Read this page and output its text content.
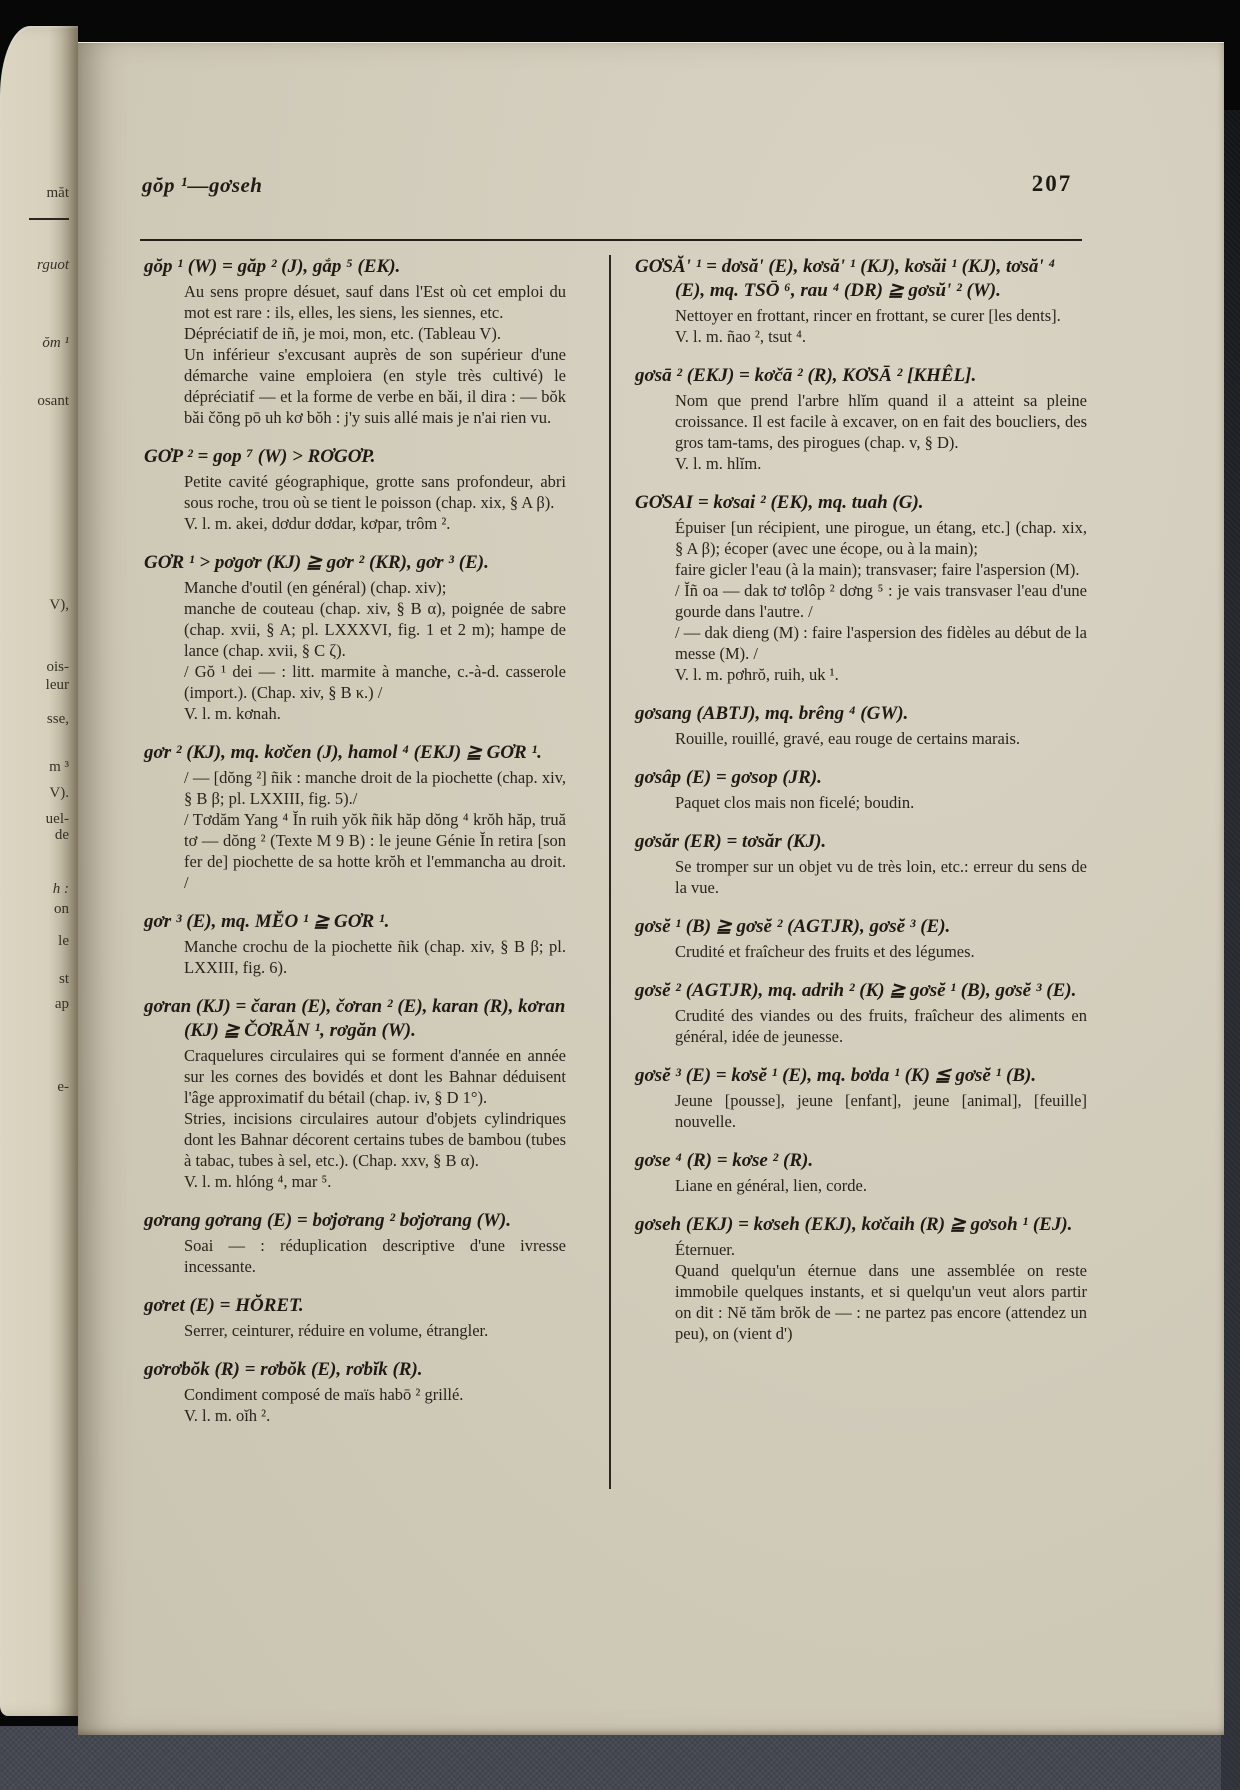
măt
rguot
ŏm ¹
osant
V),
ois-
leur
sse,
m ³
V).
uel-
de
h :
on
le
st
ap
e-
gŏp ¹—gơseh	207

gŏp ¹ (W) = găp ² (J), gắp ⁵ (EK).

Au sens propre désuet, sauf dans l'Est où cet emploi du mot est rare : ils, elles, les siens, les siennes, etc.

Dépréciatif de iñ, je moi, mon, etc. (Tableau V).

Un inférieur s'excusant auprès de son supérieur d'une démarche vaine emploiera (en style très cultivé) le dépréciatif — et la forme de verbe en bǎi, il dira : — bŏk bǎi čŏng pō uh kơ bŏh : j'y suis allé mais je n'ai rien vu.

GƠP ² = gop ⁷ (W) > RƠGƠP.

Petite cavité géographique, grotte sans profondeur, abri sous roche, trou où se tient le poisson (chap. xix, § A β).

V. l. m. akei, dơdur dơdar, kơpar, trôm ².

GƠR ¹ > pơgơr (KJ) ≧ gơr ² (KR), gơr ³ (E).

Manche d'outil (en général) (chap. xiv);

manche de couteau (chap. xiv, § B α), poignée de sabre (chap. xvii, § A; pl. LXXXVI, fig. 1 et 2 m); hampe de lance (chap. xvii, § C ζ).

/ Gŏ ¹ dei — : litt. marmite à manche, c.-à-d. casserole (import.). (Chap. xiv, § B κ.) /

V. l. m. kơnah.

gơr ² (KJ), mq. kơčen (J), hamol ⁴ (EKJ) ≧ GƠR ¹.

/ — [dŏng ²] ñik : manche droit de la piochette (chap. xiv, § B β; pl. LXXIII, fig. 5)./

/ Tơdăm Yang ⁴ Ĭn ruih yŏk ñik hăp dŏng ⁴ krŏh hăp, truă tơ — dŏng ² (Texte M 9 B) : le jeune Génie Ĭn retira [son fer de] piochette de sa hotte krŏh et l'emmancha au droit. /

gơr ³ (E), mq. MĔO ¹ ≧ GƠR ¹.

Manche crochu de la piochette ñik (chap. xiv, § B β; pl. LXXIII, fig. 6).

gơran (KJ) = čaran (E), čơran ² (E), karan (R), kơran (KJ) ≧ ČƠRĂN ¹, rơgăn (W).

Craquelures circulaires qui se forment d'année en année sur les cornes des bovidés et dont les Bahnar déduisent l'âge approximatif du bétail (chap. iv, § D 1°).

Stries, incisions circulaires autour d'objets cylindriques dont les Bahnar décorent certains tubes de bambou (tubes à tabac, tubes à sel, etc.). (Chap. xxv, § B α).

V. l. m. hlóng ⁴, mar ⁵.

gơrang gơrang (E) = bơjơrang ² bơjơrang (W).

Soai — : réduplication descriptive d'une ivresse incessante.

gơret (E) = HŎRET.

Serrer, ceinturer, réduire en volume, étrangler.

gơrơbŏk (R) = rơbŏk (E), rơbĭk (R).

Condiment composé de maïs habō ² grillé.

V. l. m. oĭh ².

GƠSĂ' ¹ = dơsă' (E), kơsă' ¹ (KJ), kơsăi ¹ (KJ), tơsă' ⁴ (E), mq. TSŌ ⁶, rau ⁴ (DR) ≧ gơsŭ' ² (W).

Nettoyer en frottant, rincer en frottant, se curer [les dents].

V. l. m. ñao ², tsut ⁴.

gơsā ² (EKJ) = kơčā ² (R), KƠSĀ ² [KHÊL].

Nom que prend l'arbre hlĭm quand il a atteint sa pleine croissance. Il est facile à excaver, on en fait des boucliers, des gros tam-tams, des pirogues (chap. v, § D).

V. l. m. hlĭm.

GƠSAI = kơsai ² (EK), mq. tuah (G).

Épuiser [un récipient, une pirogue, un étang, etc.] (chap. xix, § A β); écoper (avec une écope, ou à la main);

faire gicler l'eau (à la main); transvaser; faire l'aspersion (M).

/ Ĭñ oa — dak tơ tơlôp ² dơng ⁵ : je vais transvaser l'eau d'une gourde dans l'autre. /

/ — dak dieng (M) : faire l'aspersion des fidèles au début de la messe (M). /

V. l. m. pơhrŏ, ruih, uk ¹.

gơsang (ABTJ), mq. brêng ⁴ (GW).

Rouille, rouillé, gravé, eau rouge de certains marais.

gơsâp (E) = gơsop (JR).

Paquet clos mais non ficelé; boudin.

gơsăr (ER) = tơsăr (KJ).

Se tromper sur un objet vu de très loin, etc.: erreur du sens de la vue.

gơsĕ ¹ (B) ≧ gơsĕ ² (AGTJR), gơsĕ ³ (E).

Crudité et fraîcheur des fruits et des légumes.

gơsĕ ² (AGTJR), mq. adrih ² (K) ≧ gơsĕ ¹ (B), gơsĕ ³ (E).

Crudité des viandes ou des fruits, fraîcheur des aliments en général, idée de jeunesse.

gơsĕ ³ (E) = kơsĕ ¹ (E), mq. bơda ¹ (K) ≦ gơsĕ ¹ (B).

Jeune [pousse], jeune [enfant], jeune [animal], [feuille] nouvelle.

gơse ⁴ (R) = kơse ² (R).

Liane en général, lien, corde.

gơseh (EKJ) = kơseh (EKJ), kơčaih (R) ≧ gơsoh ¹ (EJ).

Éternuer.

Quand quelqu'un éternue dans une assemblée on reste immobile quelques instants, et si quelqu'un veut alors partir on dit : Nĕ tăm brŏk de — : ne partez pas encore (attendez un peu), on (vient d')
